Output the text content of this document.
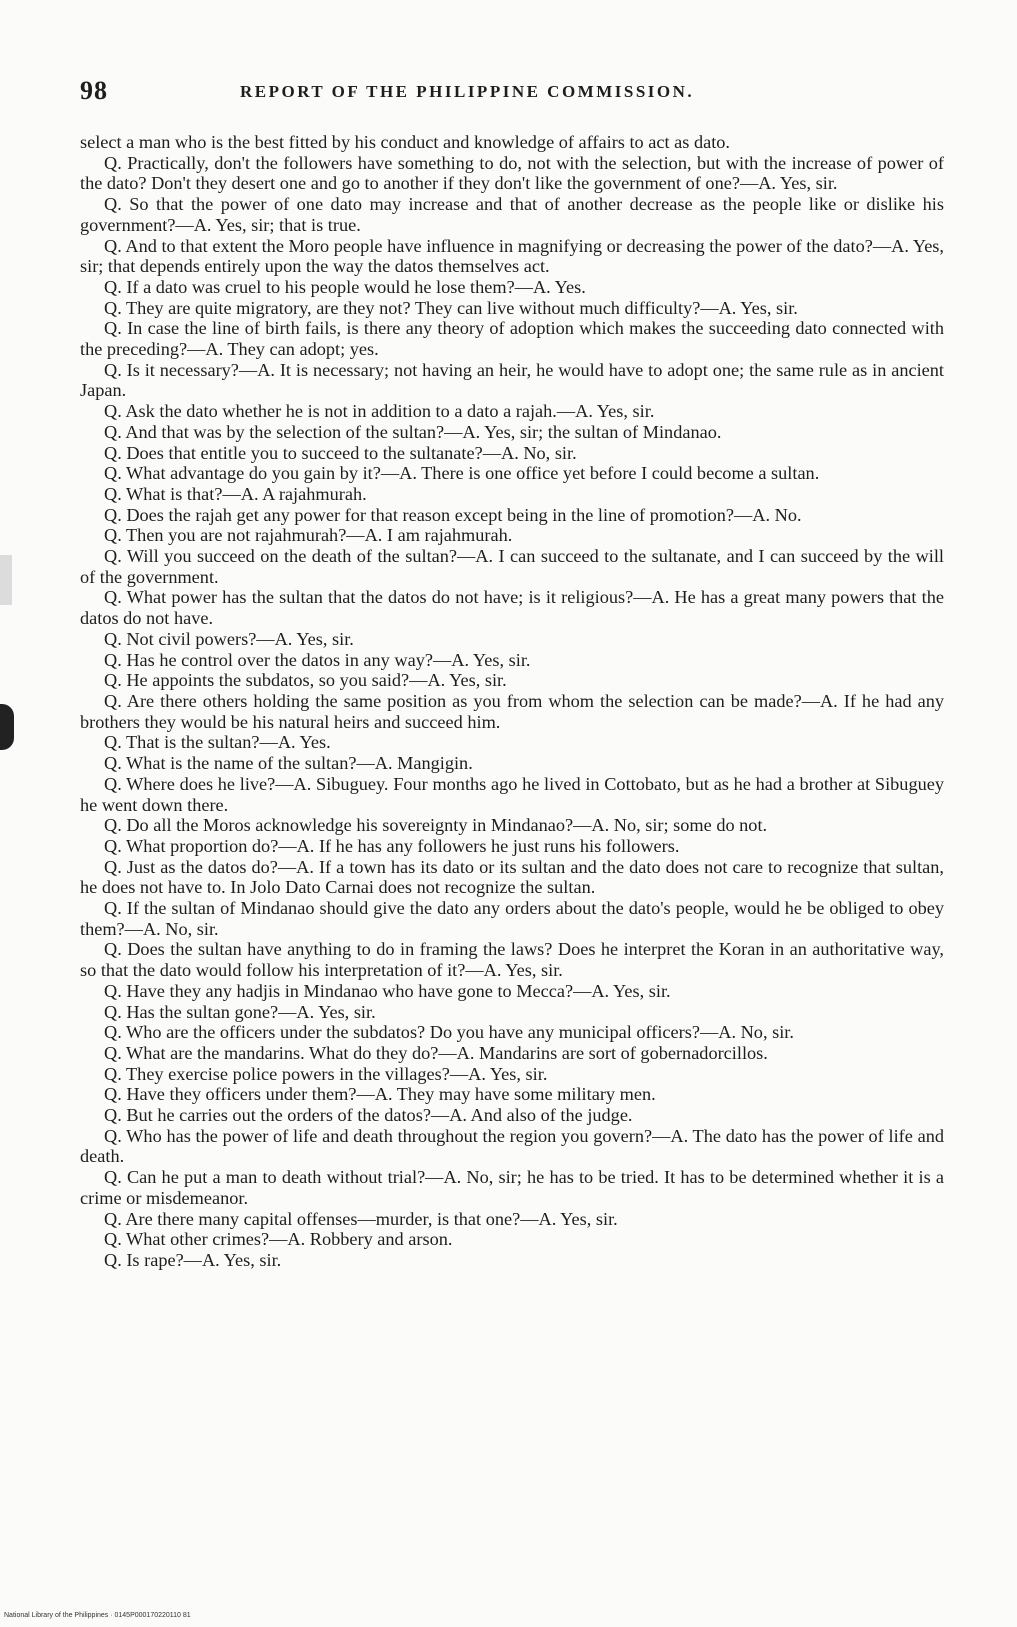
98	REPORT OF THE PHILIPPINE COMMISSION.

select a man who is the best fitted by his conduct and knowledge of affairs to act as dato.

Q. Practically, don't the followers have something to do, not with the selection, but with the increase of power of the dato? Don't they desert one and go to another if they don't like the government of one?—A. Yes, sir.

Q. So that the power of one dato may increase and that of another decrease as the people like or dislike his government?—A. Yes, sir; that is true.

Q. And to that extent the Moro people have influence in magnifying or decreasing the power of the dato?—A. Yes, sir; that depends entirely upon the way the datos themselves act.

Q. If a dato was cruel to his people would he lose them?—A. Yes.

Q. They are quite migratory, are they not? They can live without much difficulty?—A. Yes, sir.

Q. In case the line of birth fails, is there any theory of adoption which makes the succeeding dato connected with the preceding?—A. They can adopt; yes.

Q. Is it necessary?—A. It is necessary; not having an heir, he would have to adopt one; the same rule as in ancient Japan.

Q. Ask the dato whether he is not in addition to a dato a rajah.—A. Yes, sir.

Q. And that was by the selection of the sultan?—A. Yes, sir; the sultan of Mindanao.

Q. Does that entitle you to succeed to the sultanate?—A. No, sir.

Q. What advantage do you gain by it?—A. There is one office yet before I could become a sultan.

Q. What is that?—A. A rajahmurah.

Q. Does the rajah get any power for that reason except being in the line of promotion?—A. No.

Q. Then you are not rajahmurah?—A. I am rajahmurah.

Q. Will you succeed on the death of the sultan?—A. I can succeed to the sultanate, and I can succeed by the will of the government.

Q. What power has the sultan that the datos do not have; is it religious?—A. He has a great many powers that the datos do not have.

Q. Not civil powers?—A. Yes, sir.

Q. Has he control over the datos in any way?—A. Yes, sir.

Q. He appoints the subdatos, so you said?—A. Yes, sir.

Q. Are there others holding the same position as you from whom the selection can be made?—A. If he had any brothers they would be his natural heirs and succeed him.

Q. That is the sultan?—A. Yes.

Q. What is the name of the sultan?—A. Mangigin.

Q. Where does he live?—A. Sibuguey. Four months ago he lived in Cottobato, but as he had a brother at Sibuguey he went down there.

Q. Do all the Moros acknowledge his sovereignty in Mindanao?—A. No, sir; some do not.

Q. What proportion do?—A. If he has any followers he just runs his followers.

Q. Just as the datos do?—A. If a town has its dato or its sultan and the dato does not care to recognize that sultan, he does not have to. In Jolo Dato Carnai does not recognize the sultan.

Q. If the sultan of Mindanao should give the dato any orders about the dato's people, would he be obliged to obey them?—A. No, sir.

Q. Does the sultan have anything to do in framing the laws? Does he interpret the Koran in an authoritative way, so that the dato would follow his interpretation of it?—A. Yes, sir.

Q. Have they any hadjis in Mindanao who have gone to Mecca?—A. Yes, sir.

Q. Has the sultan gone?—A. Yes, sir.

Q. Who are the officers under the subdatos? Do you have any municipal officers?—A. No, sir.

Q. What are the mandarins. What do they do?—A. Mandarins are sort of gobernadorcillos.

Q. They exercise police powers in the villages?—A. Yes, sir.

Q. Have they officers under them?—A. They may have some military men.

Q. But he carries out the orders of the datos?—A. And also of the judge.

Q. Who has the power of life and death throughout the region you govern?—A. The dato has the power of life and death.

Q. Can he put a man to death without trial?—A. No, sir; he has to be tried. It has to be determined whether it is a crime or misdemeanor.

Q. Are there many capital offenses—murder, is that one?—A. Yes, sir.

Q. What other crimes?—A. Robbery and arson.

Q. Is rape?—A. Yes, sir.

National Library of the Philippines · 0145P000170220110 81
